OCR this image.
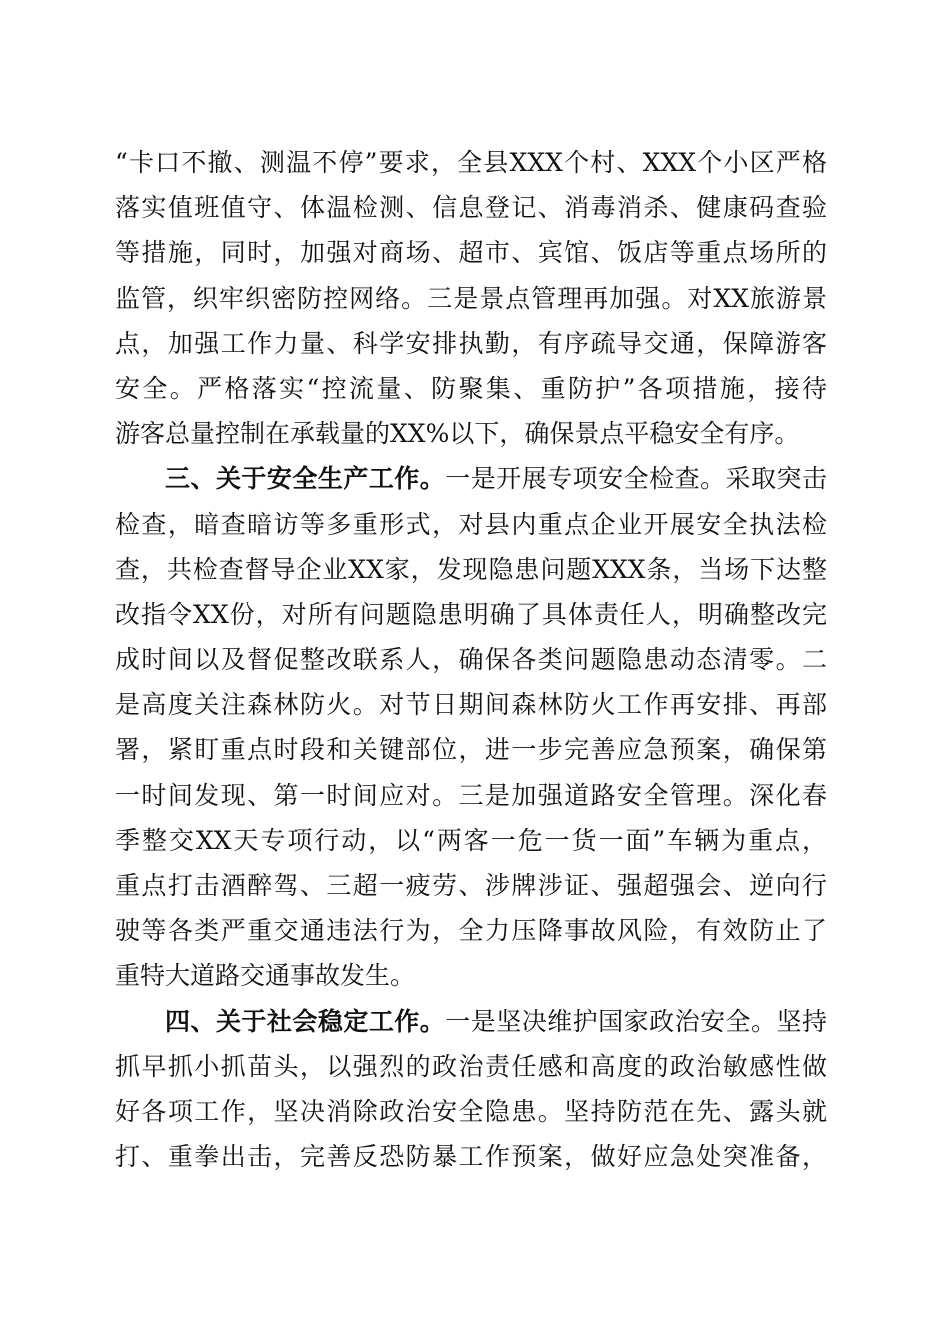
“卡口不撤、测温不停”要求，全县XXX个村、XXX个小区严格
落实值班值守、体温检测、信息登记、消毒消杀、健康码查验
等措施，同时，加强对商场、超市、宾馆、饭店等重点场所的
监管，织牢织密防控网络。三是景点管理再加强。对XX旅游景
点，加强工作力量、科学安排执勤，有序疏导交通，保障游客
安全。严格落实“控流量、防聚集、重防护”各项措施，接待
游客总量控制在承载量的XX%以下，确保景点平稳安全有序。
三、关于安全生产工作。一是开展专项安全检查。采取突击
检查，暗查暗访等多重形式，对县内重点企业开展安全执法检
查，共检查督导企业XX家，发现隐患问题XXX条，当场下达整
改指令XX份，对所有问题隐患明确了具体责任人，明确整改完
成时间以及督促整改联系人，确保各类问题隐患动态清零。二
是高度关注森林防火。对节日期间森林防火工作再安排、再部
署，紧盯重点时段和关键部位，进一步完善应急预案，确保第
一时间发现、第一时间应对。三是加强道路安全管理。深化春
季整交XX天专项行动，以“两客一危一货一面”车辆为重点，
重点打击酒醉驾、三超一疲劳、涉牌涉证、强超强会、逆向行
驶等各类严重交通违法行为，全力压降事故风险，有效防止了
重特大道路交通事故发生。
四、关于社会稳定工作。一是坚决维护国家政治安全。坚持
抓早抓小抓苗头，以强烈的政治责任感和高度的政治敏感性做
好各项工作，坚决消除政治安全隐患。坚持防范在先、露头就
打、重拳出击，完善反恐防暴工作预案，做好应急处突准备，
